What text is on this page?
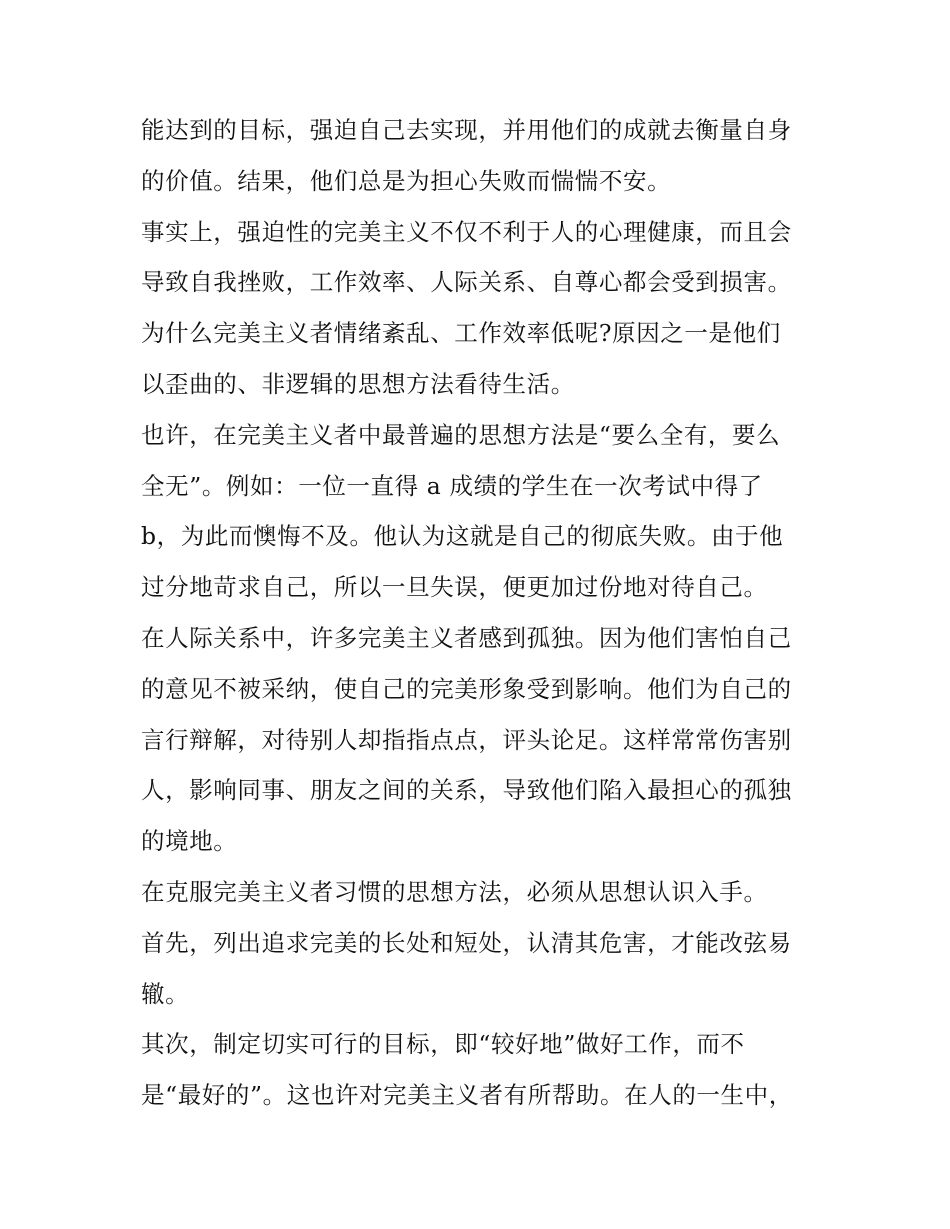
能达到的目标，强迫自己去实现，并用他们的成就去衡量自身
的价值。结果，他们总是为担心失败而惴惴不安。
事实上，强迫性的完美主义不仅不利于人的心理健康，而且会
导致自我挫败，工作效率、人际关系、自尊心都会受到损害。
为什么完美主义者情绪紊乱、工作效率低呢?原因之一是他们
以歪曲的、非逻辑的思想方法看待生活。
也许，在完美主义者中最普遍的思想方法是“要么全有，要么
全无”。例如：一位一直得 a 成绩的学生在一次考试中得了
b，为此而懊悔不及。他认为这就是自己的彻底失败。由于他
过分地苛求自己，所以一旦失误，便更加过份地对待自己。
在人际关系中，许多完美主义者感到孤独。因为他们害怕自己
的意见不被采纳，使自己的完美形象受到影响。他们为自己的
言行辩解，对待别人却指指点点，评头论足。这样常常伤害别
人，影响同事、朋友之间的关系，导致他们陷入最担心的孤独
的境地。
在克服完美主义者习惯的思想方法，必须从思想认识入手。
首先，列出追求完美的长处和短处，认清其危害，才能改弦易
辙。
其次，制定切实可行的目标，即“较好地”做好工作，而不
是“最好的”。这也许对完美主义者有所帮助。在人的一生中，
